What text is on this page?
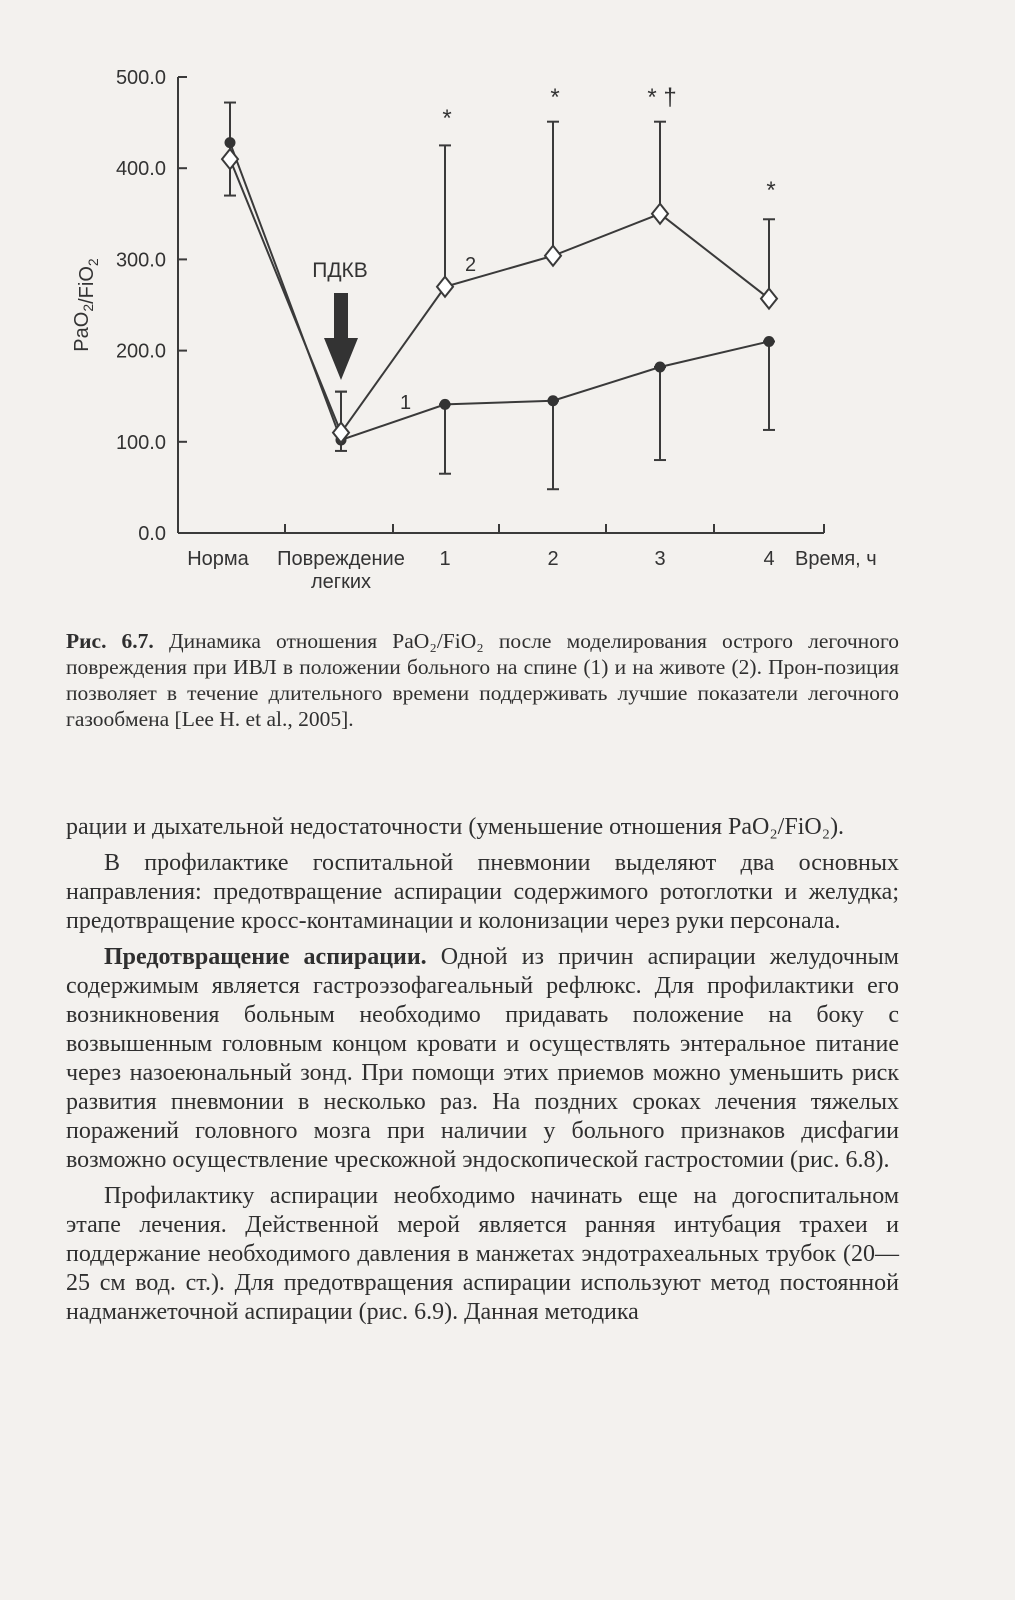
500.0
400.0
300.0
200.0
100.0
0.0
Норма Повреждение
легких
1	2	3	4 Время, ч
PaO$_2$/FiO$_2$
1
2
*
*	* †
*
ПДКВ
Рис. 6.7. Динамика отношения PaO₂/FiO₂ после моделирования острого легочного повреждения при ИВЛ в положении больного на спине (1) и на животе (2). Прон-позиция позволяет в течение длительного времени поддерживать лучшие показатели легочного газообмена [Lee H. et al., 2005].

рации и дыхательной недостаточности (уменьшение отношения PaO₂/FiO₂).

В профилактике госпитальной пневмонии выделяют два основных направления: предотвращение аспирации содержимого ротоглотки и желудка; предотвращение кросс-контаминации и колонизации через руки персонала.

Предотвращение аспирации. Одной из причин аспирации желудочным содержимым является гастроэзофагеальный рефлюкс. Для профилактики его возникновения больным необходимо придавать положение на боку с возвышенным головным концом кровати и осуществлять энтеральное питание через назоеюнальный зонд. При помощи этих приемов можно уменьшить риск развития пневмонии в несколько раз. На поздних сроках лечения тяжелых поражений головного мозга при наличии у больного признаков дисфагии возможно осуществление чрескожной эндоскопической гастростомии (рис. 6.8).

Профилактику аспирации необходимо начинать еще на догоспитальном этапе лечения. Действенной мерой является ранняя интубация трахеи и поддержание необходимого давления в манжетах эндотрахеальных трубок (20—25 см вод. ст.). Для предотвращения аспирации используют метод постоянной надманжеточной аспирации (рис. 6.9). Данная методика
